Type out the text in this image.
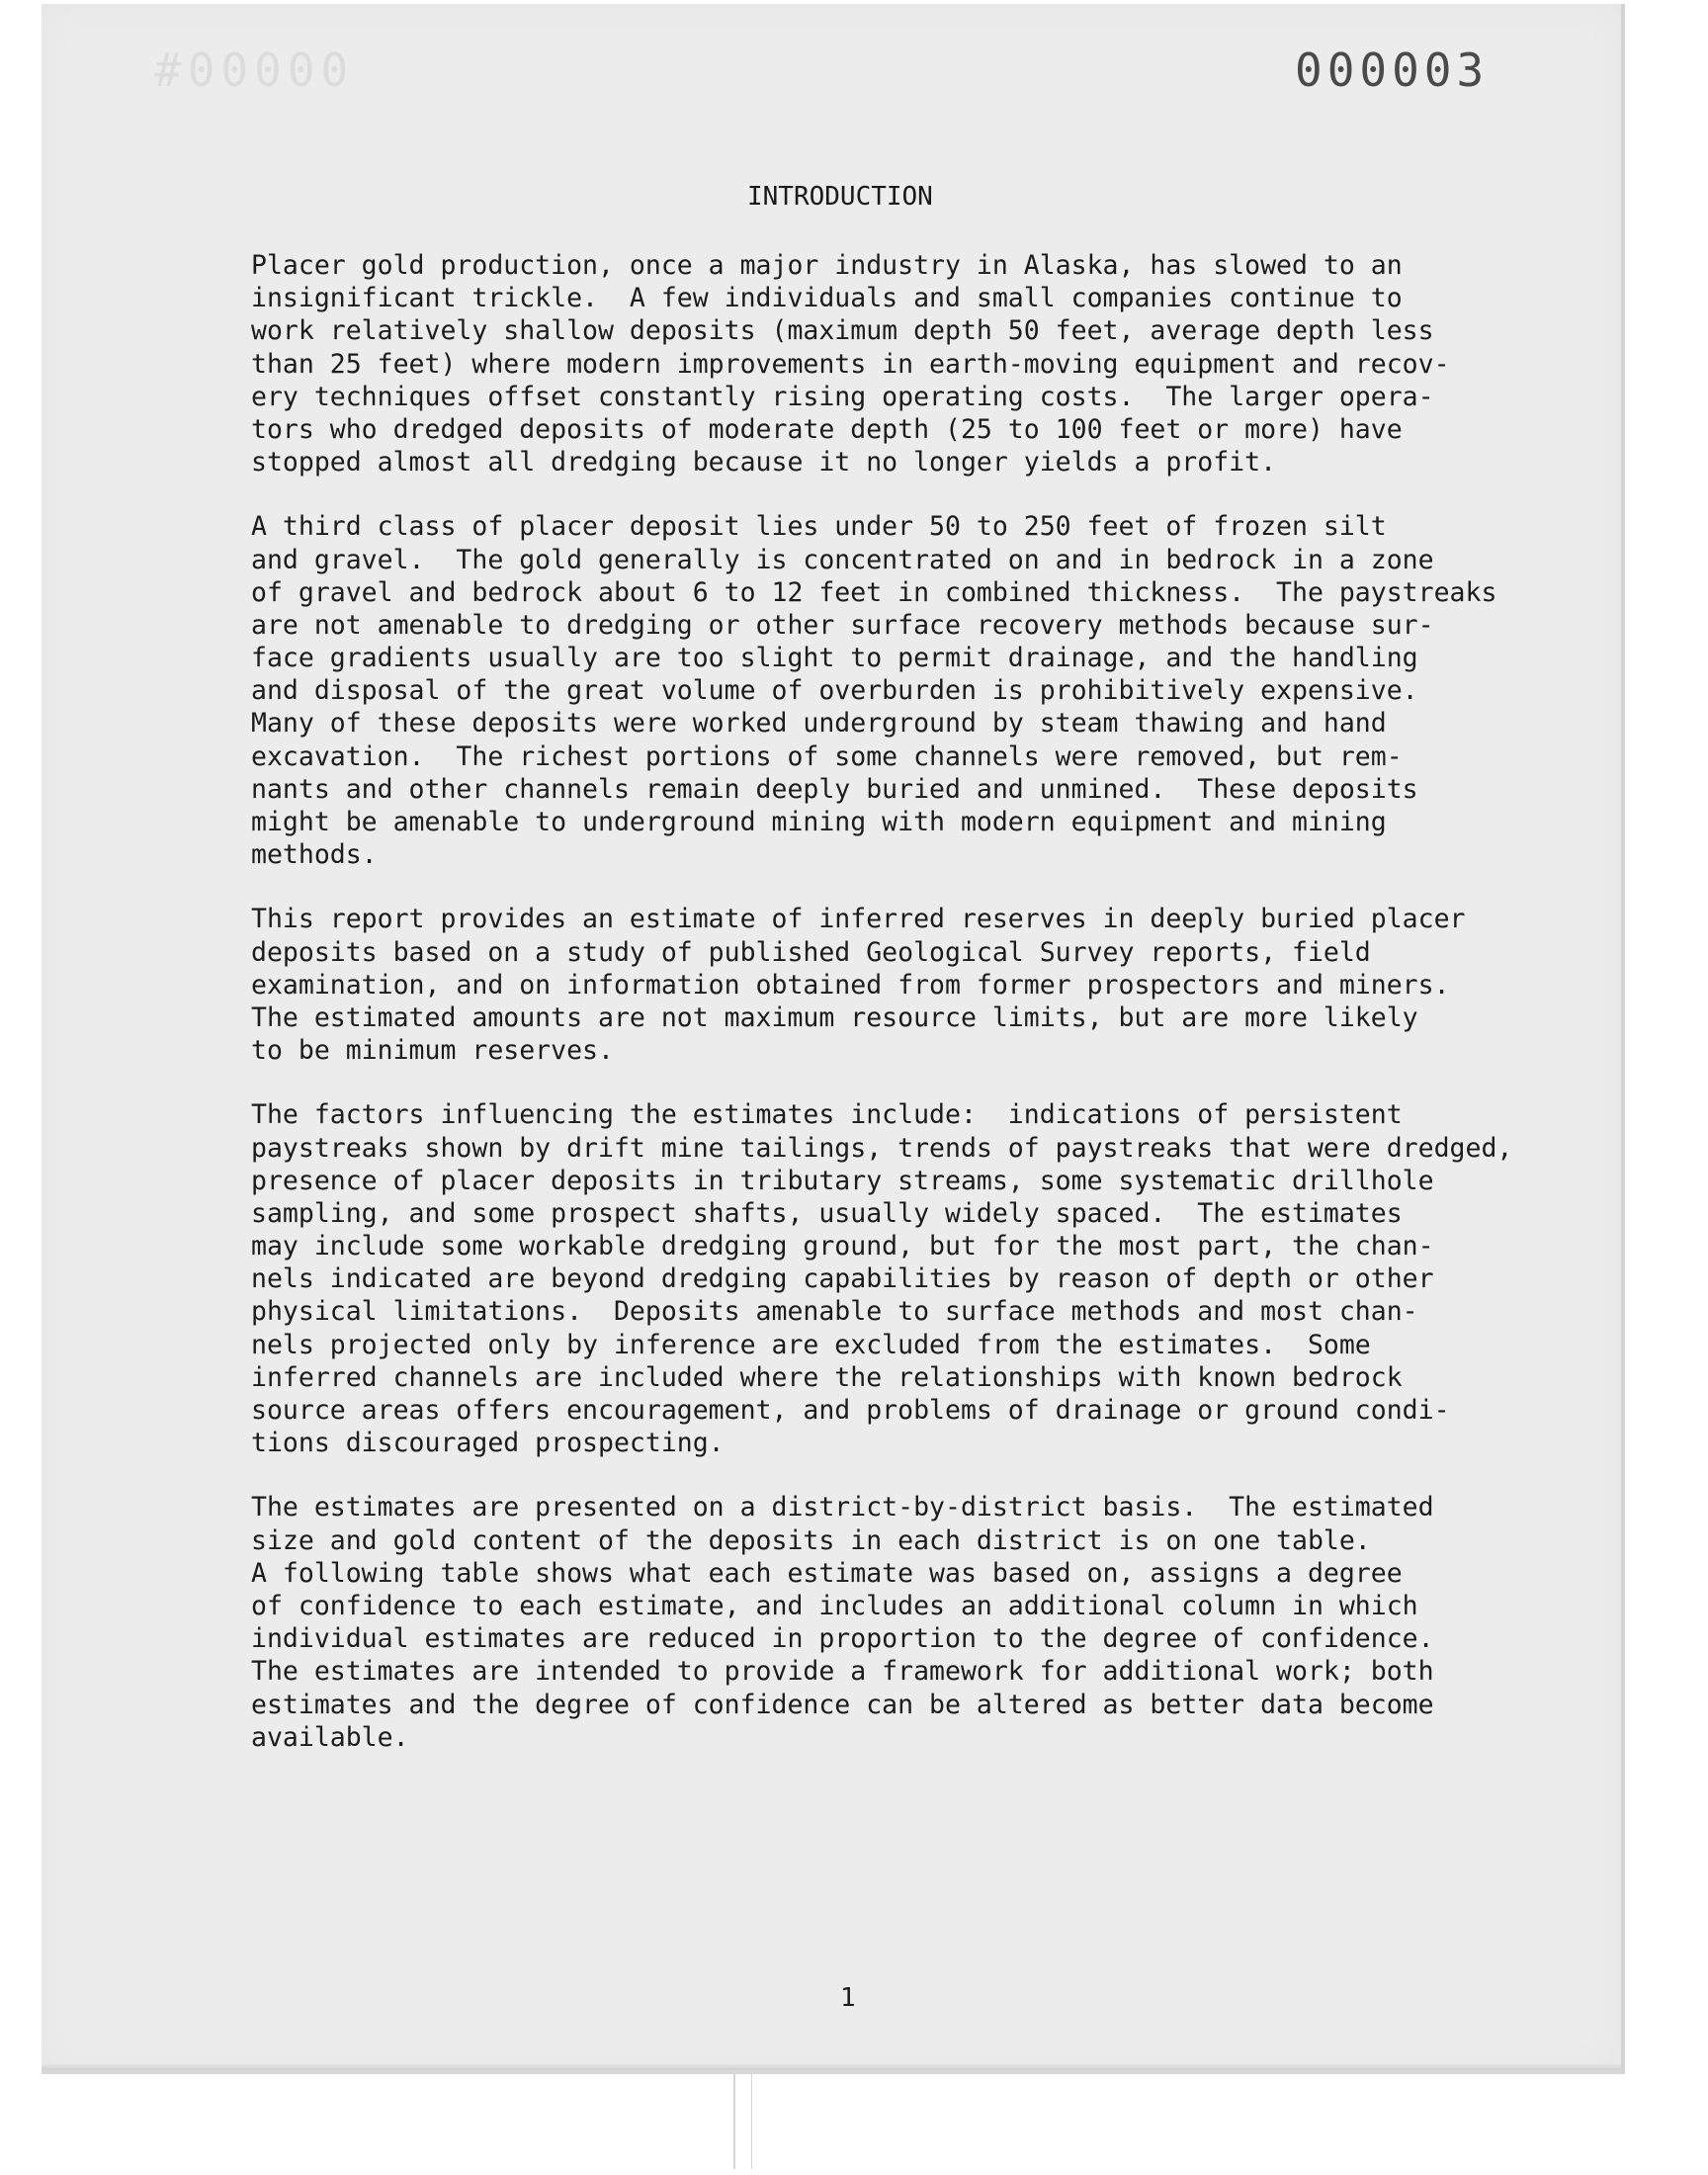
#00000	000003
INTRODUCTION
Placer gold production, once a major industry in Alaska, has slowed to an
insignificant trickle.  A few individuals and small companies continue to
work relatively shallow deposits (maximum depth 50 feet, average depth less
than 25 feet) where modern improvements in earth-moving equipment and recov-
ery techniques offset constantly rising operating costs.  The larger opera-
tors who dredged deposits of moderate depth (25 to 100 feet or more) have
stopped almost all dredging because it no longer yields a profit.
A third class of placer deposit lies under 50 to 250 feet of frozen silt
and gravel.  The gold generally is concentrated on and in bedrock in a zone
of gravel and bedrock about 6 to 12 feet in combined thickness.  The paystreaks
are not amenable to dredging or other surface recovery methods because sur-
face gradients usually are too slight to permit drainage, and the handling
and disposal of the great volume of overburden is prohibitively expensive.
Many of these deposits were worked underground by steam thawing and hand
excavation.  The richest portions of some channels were removed, but rem-
nants and other channels remain deeply buried and unmined.  These deposits
might be amenable to underground mining with modern equipment and mining
methods.
This report provides an estimate of inferred reserves in deeply buried placer
deposits based on a study of published Geological Survey reports, field
examination, and on information obtained from former prospectors and miners.
The estimated amounts are not maximum resource limits, but are more likely
to be minimum reserves.
The factors influencing the estimates include:  indications of persistent
paystreaks shown by drift mine tailings, trends of paystreaks that were dredged,
presence of placer deposits in tributary streams, some systematic drillhole
sampling, and some prospect shafts, usually widely spaced.  The estimates
may include some workable dredging ground, but for the most part, the chan-
nels indicated are beyond dredging capabilities by reason of depth or other
physical limitations.  Deposits amenable to surface methods and most chan-
nels projected only by inference are excluded from the estimates.  Some
inferred channels are included where the relationships with known bedrock
source areas offers encouragement, and problems of drainage or ground condi-
tions discouraged prospecting.
The estimates are presented on a district-by-district basis.  The estimated
size and gold content of the deposits in each district is on one table.
A following table shows what each estimate was based on, assigns a degree
of confidence to each estimate, and includes an additional column in which
individual estimates are reduced in proportion to the degree of confidence.
The estimates are intended to provide a framework for additional work; both
estimates and the degree of confidence can be altered as better data become
available.
1
